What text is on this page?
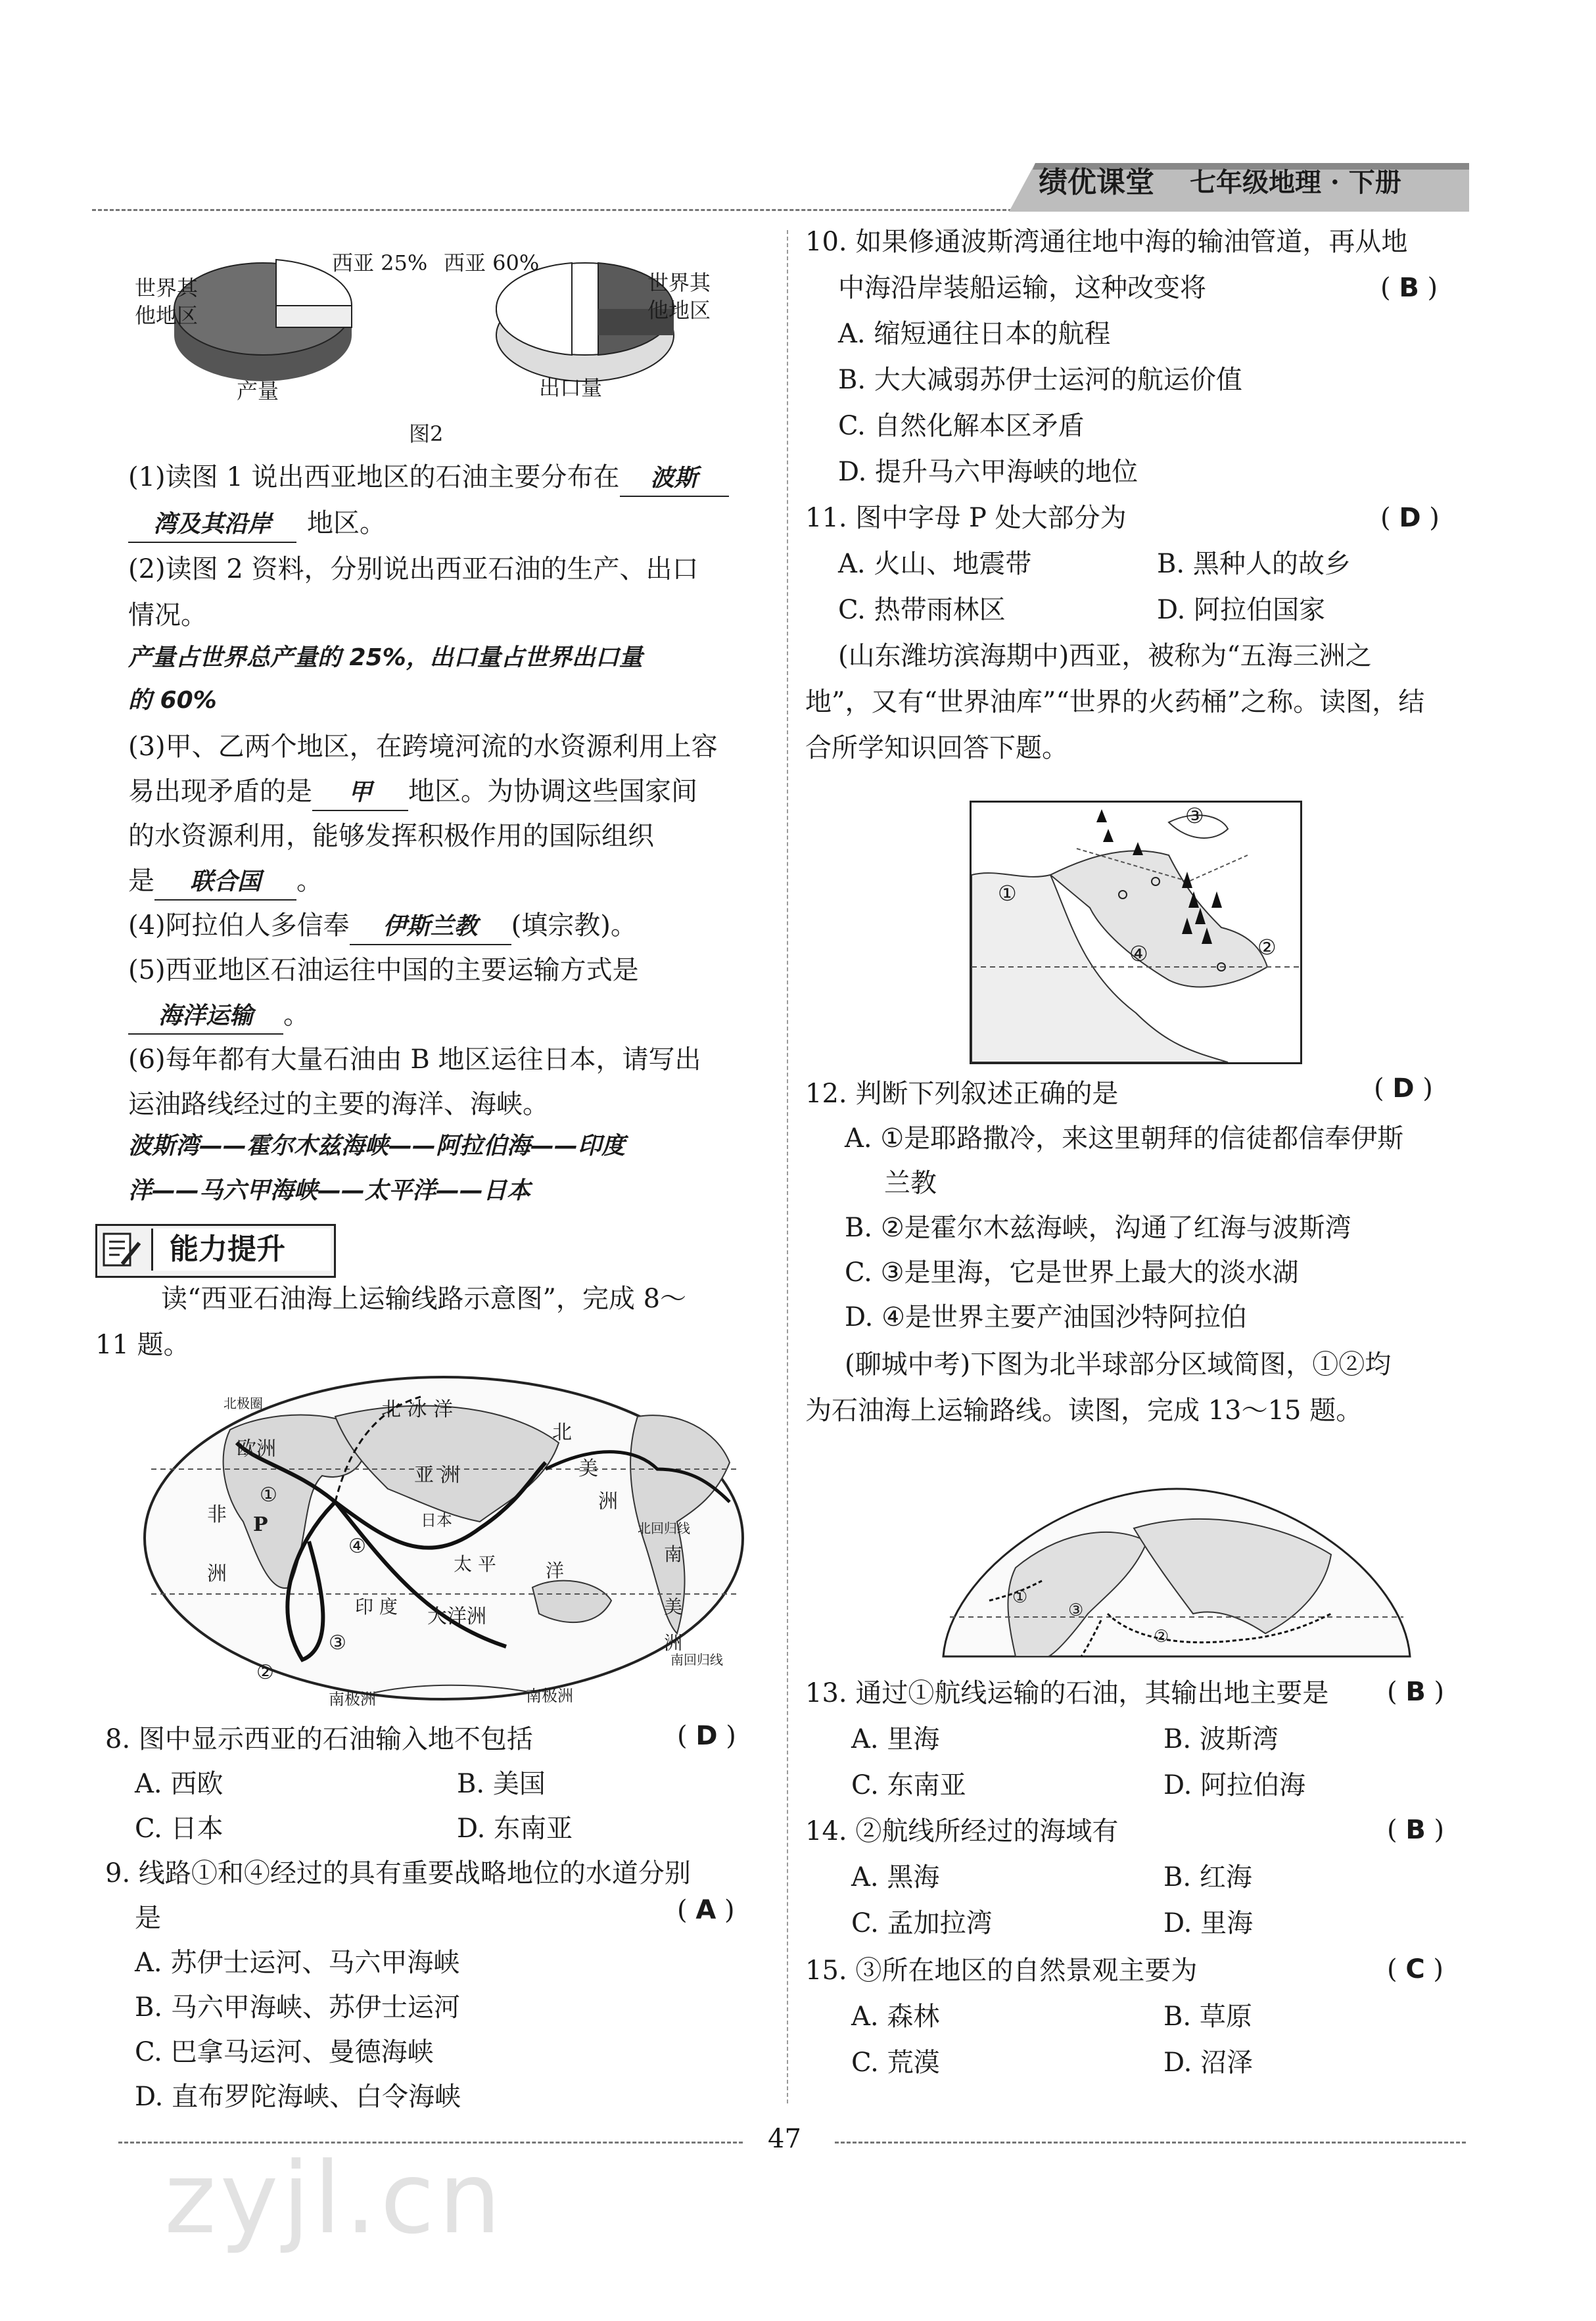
绩优课堂 七年级地理 · 下册
世界其
他地区
西亚 25%
产量
西亚 60%
世界其
他地区
出口量
图2
(1)读图 1 说出西亚地区的石油主要分布在 波斯
湾及其沿岸 地区。
(2)读图 2 资料，分别说出西亚石油的生产、出口
情况。
产量占世界总产量的 25%，出口量占世界出口量
的 60%
(3)甲、乙两个地区，在跨境河流的水资源利用上容
易出现矛盾的是 甲 地区。为协调这些国家间
的水资源利用，能够发挥积极作用的国际组织
是 联合国 。
(4)阿拉伯人多信奉 伊斯兰教 (填宗教)。
(5)西亚地区石油运往中国的主要运输方式是
海洋运输 。
(6)每年都有大量石油由 B 地区运往日本，请写出
运油路线经过的主要的海洋、海峡。
波斯湾——霍尔木兹海峡——阿拉伯海——印度
洋——马六甲海峡——太平洋——日本
能力提升
读“西亚石油海上运输线路示意图”，完成 8～
11 题。
北 冰 洋
欧洲
亚 洲
非
洲
①
②
③
④
P	日本
北
美
洲
印 度
太 平	洋
大洋洲
南
美
洲
南极洲	南极洲
北极圈
北回归线
南回归线
8. 图中显示西亚的石油输入地不包括	( D )
A. 西欧	B. 美国
C. 日本	D. 东南亚
9. 线路①和④经过的具有重要战略地位的水道分别
是	( A )
A. 苏伊士运河、马六甲海峡
B. 马六甲海峡、苏伊士运河
C. 巴拿马运河、曼德海峡
D. 直布罗陀海峡、白令海峡
10. 如果修通波斯湾通往地中海的输油管道，再从地
中海沿岸装船运输，这种改变将	( B )
A. 缩短通往日本的航程
B. 大大减弱苏伊士运河的航运价值
C. 自然化解本区矛盾
D. 提升马六甲海峡的地位
11. 图中字母 P 处大部分为	( D )
A. 火山、地震带	B. 黑种人的故乡
C. 热带雨林区	D. 阿拉伯国家
(山东潍坊滨海期中)西亚，被称为“五海三洲之
地”，又有“世界油库”“世界的火药桶”之称。读图，结
合所学知识回答下题。
①
②
③
④
12. 判断下列叙述正确的是	( D )
A. ①是耶路撒冷，来这里朝拜的信徒都信奉伊斯
兰教
B. ②是霍尔木兹海峡，沟通了红海与波斯湾
C. ③是里海，它是世界上最大的淡水湖
D. ④是世界主要产油国沙特阿拉伯
(聊城中考)下图为北半球部分区域简图，①②均
为石油海上运输路线。读图，完成 13～15 题。
①
②
③
13. 通过①航线运输的石油，其输出地主要是 ( B )
A. 里海	B. 波斯湾
C. 东南亚	D. 阿拉伯海
14. ②航线所经过的海域有	( B )
A. 黑海	B. 红海
C. 孟加拉湾	D. 里海
15. ③所在地区的自然景观主要为	( C )
A. 森林	B. 草原
C. 荒漠	D. 沼泽
47
zyjl.cn
